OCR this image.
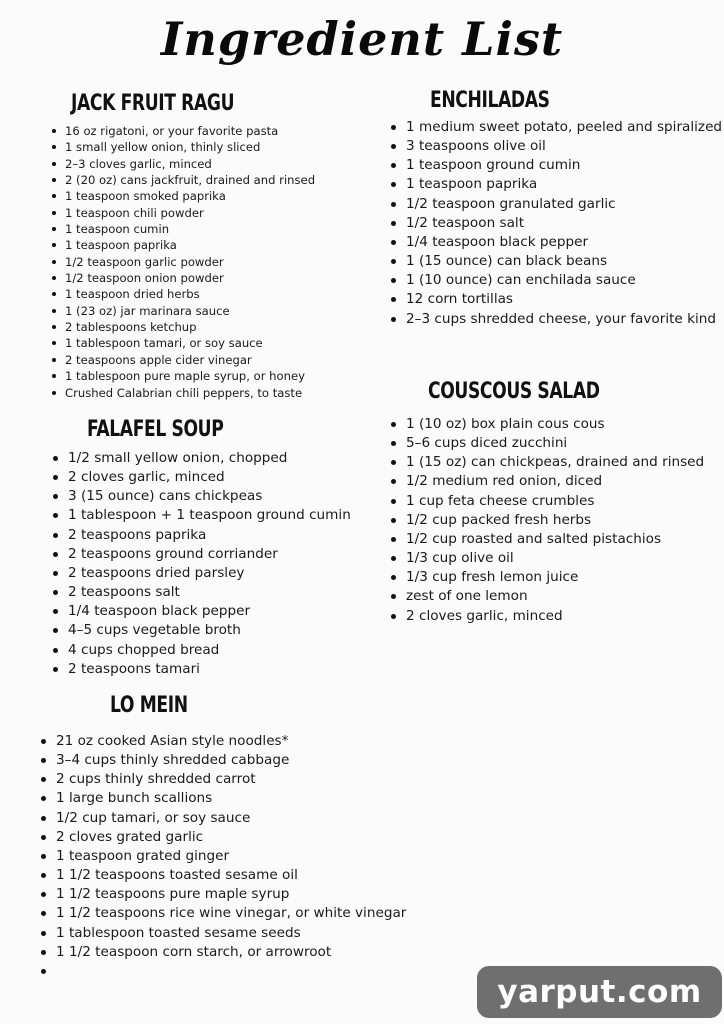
Ingredient List
JACK FRUIT RAGU
16 oz rigatoni, or your favorite pasta
1 small yellow onion, thinly sliced
2–3 cloves garlic, minced
2 (20 oz) cans jackfruit, drained and rinsed
1 teaspoon smoked paprika
1 teaspoon chili powder
1 teaspoon cumin
1 teaspoon paprika
1/2 teaspoon garlic powder
1/2 teaspoon onion powder
1 teaspoon dried herbs
1 (23 oz) jar marinara sauce
2 tablespoons ketchup
1 tablespoon tamari, or soy sauce
2 teaspoons apple cider vinegar
1 tablespoon pure maple syrup, or honey
Crushed Calabrian chili peppers, to taste
ENCHILADAS
1 medium sweet potato, peeled and spiralized
3 teaspoons olive oil
1 teaspoon ground cumin
1 teaspoon paprika
1/2 teaspoon granulated garlic
1/2 teaspoon salt
1/4 teaspoon black pepper
1 (15 ounce) can black beans
1 (10 ounce) can enchilada sauce
12 corn tortillas
2–3 cups shredded cheese, your favorite kind
COUSCOUS SALAD
1 (10 oz) box plain cous cous
5–6 cups diced zucchini
1 (15 oz) can chickpeas, drained and rinsed
1/2 medium red onion, diced
1 cup feta cheese crumbles
1/2 cup packed fresh herbs
1/2 cup roasted and salted pistachios
1/3 cup olive oil
1/3 cup fresh lemon juice
zest of one lemon
2 cloves garlic, minced
FALAFEL SOUP
1/2 small yellow onion, chopped
2 cloves garlic, minced
3 (15 ounce) cans chickpeas
1 tablespoon + 1 teaspoon ground cumin
2 teaspoons paprika
2 teaspoons ground corriander
2 teaspoons dried parsley
2 teaspoons salt
1/4 teaspoon black pepper
4–5 cups vegetable broth
4 cups chopped bread
2 teaspoons tamari
LO MEIN
21 oz cooked Asian style noodles*
3–4 cups thinly shredded cabbage
2 cups thinly shredded carrot
1 large bunch scallions
1/2 cup tamari, or soy sauce
2 cloves grated garlic
1 teaspoon grated ginger
1 1/2 teaspoons toasted sesame oil
1 1/2 teaspoons pure maple syrup
1 1/2 teaspoons rice wine vinegar, or white vinegar
1 tablespoon toasted sesame seeds
1 1/2 teaspoon corn starch, or arrowroot
yarput.com
